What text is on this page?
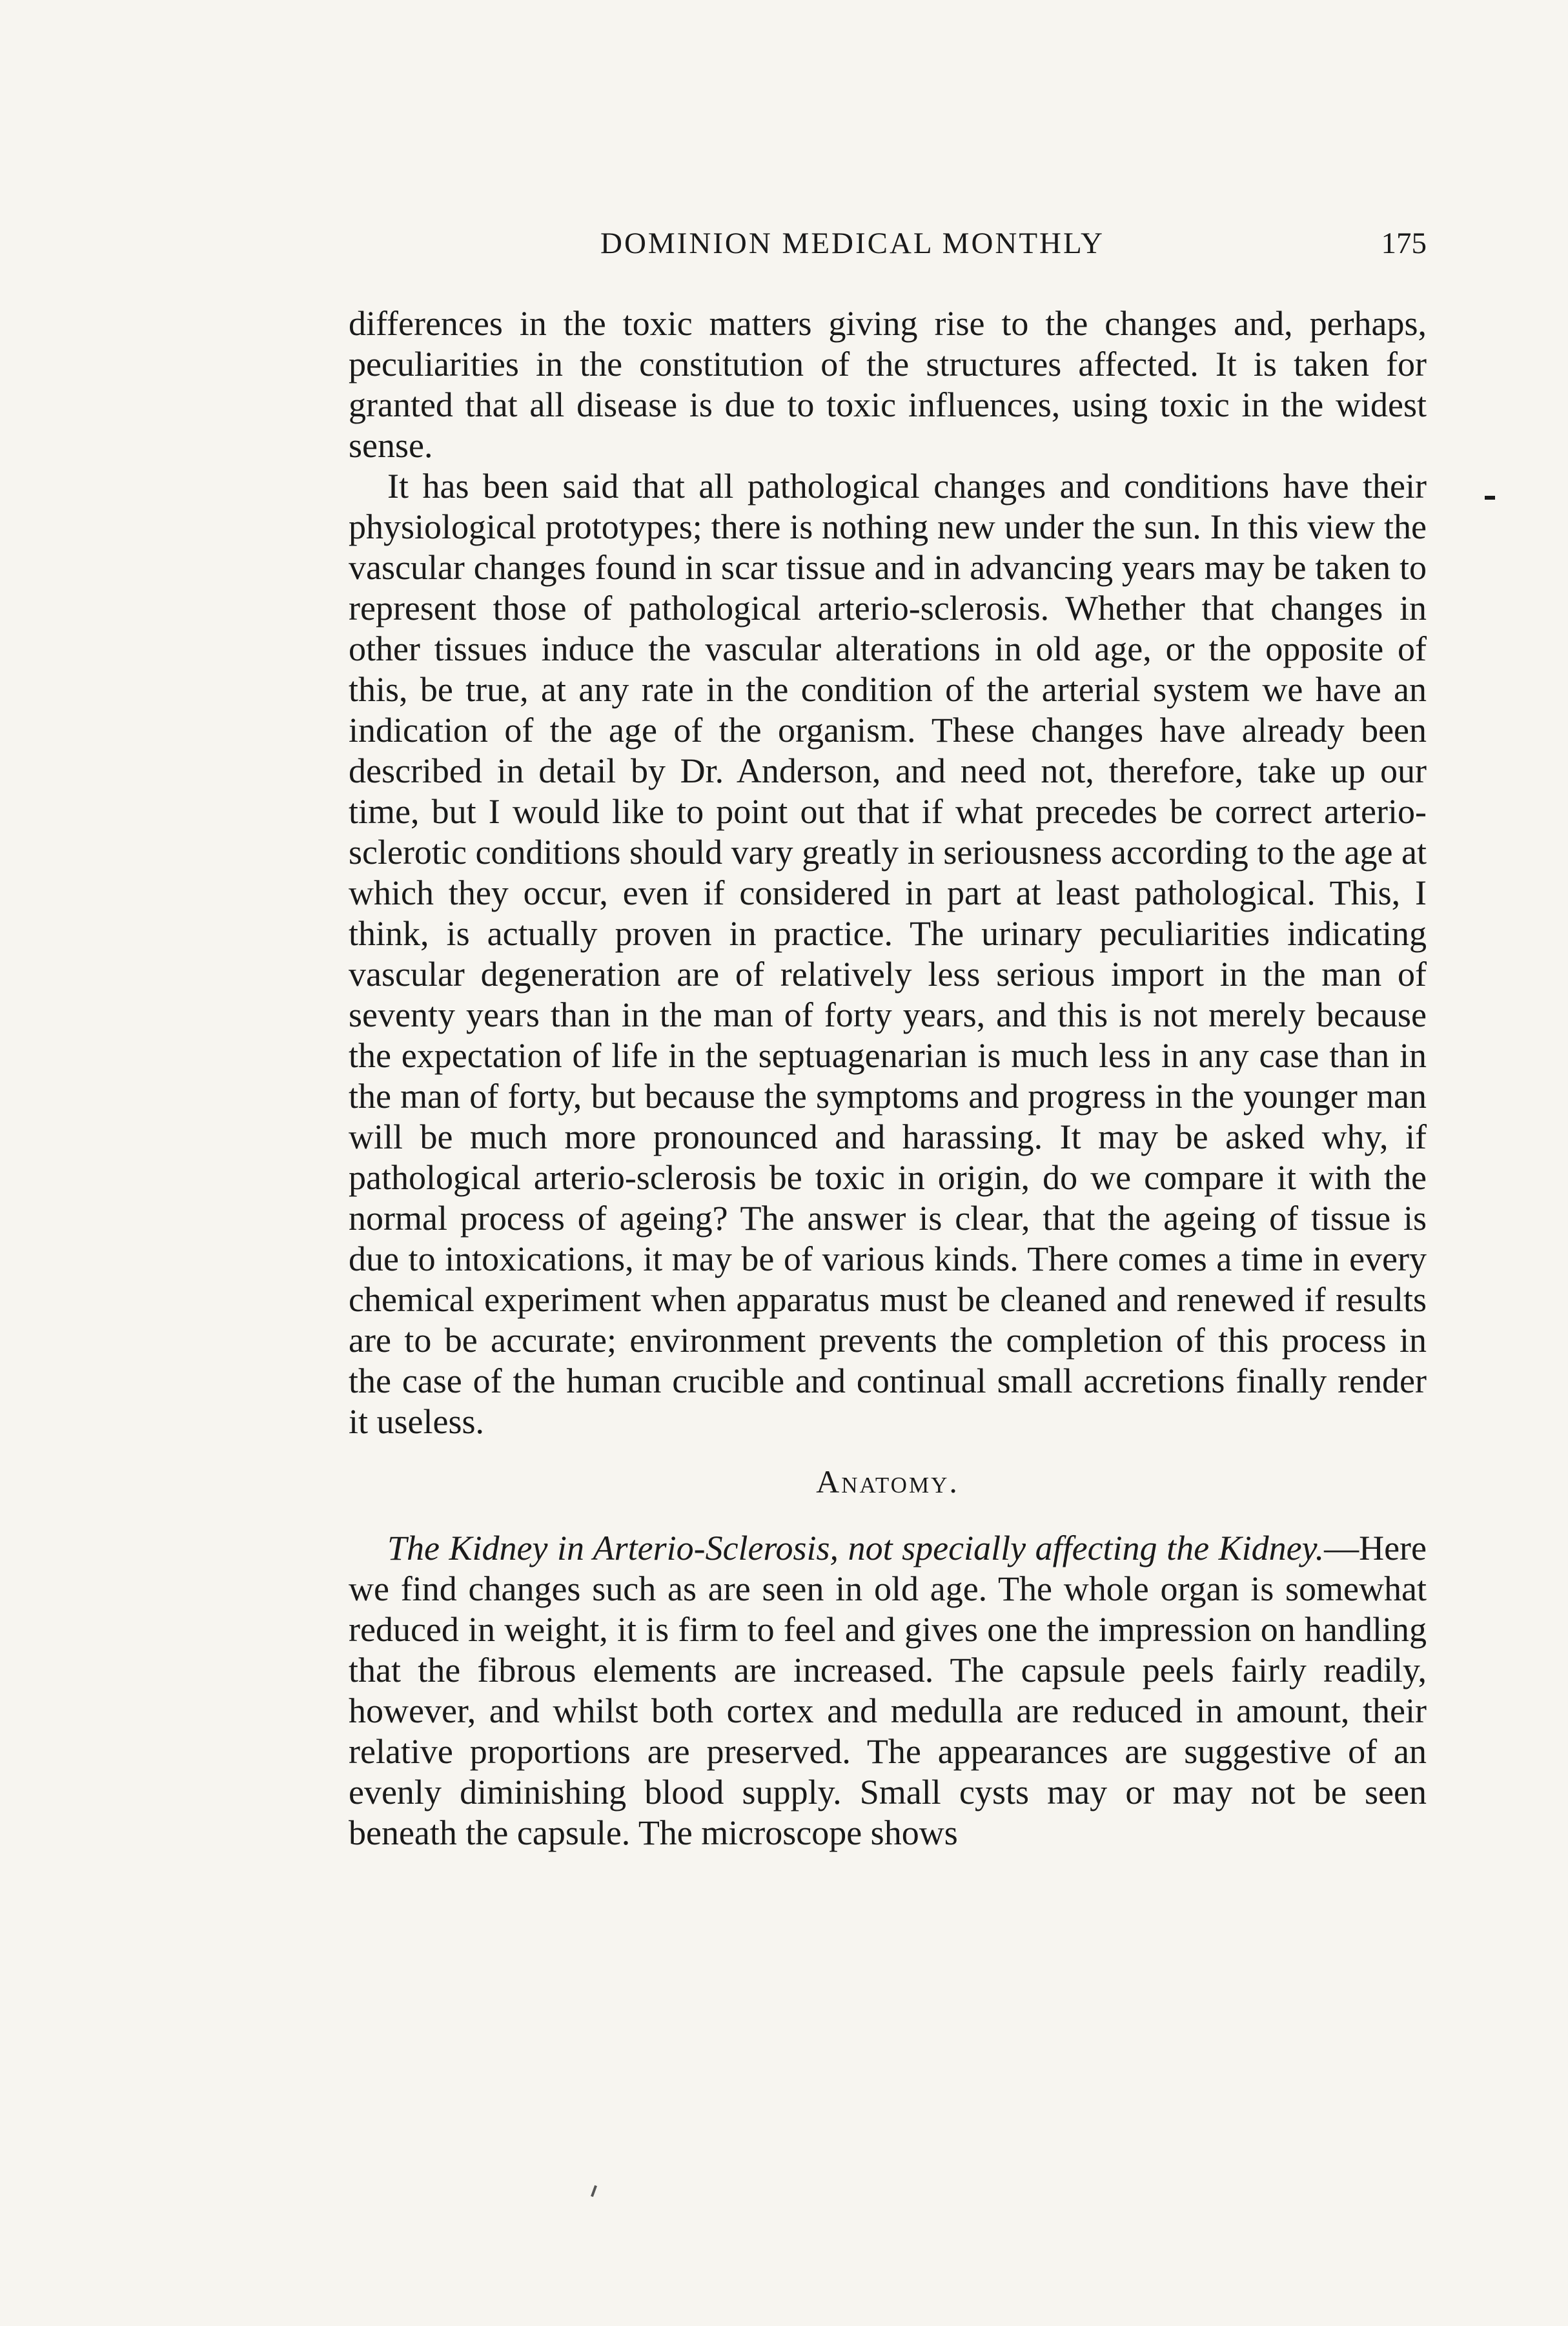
DOMINION MEDICAL MONTHLY	175

differences in the toxic matters giving rise to the changes and, perhaps, peculiarities in the constitution of the structures affected. It is taken for granted that all disease is due to toxic influences, using toxic in the widest sense.

It has been said that all pathological changes and conditions have their physiological prototypes; there is nothing new under the sun. In this view the vascular changes found in scar tissue and in advancing years may be taken to represent those of pathological arterio-sclerosis. Whether that changes in other tissues induce the vascular alterations in old age, or the opposite of this, be true, at any rate in the condition of the arterial system we have an indication of the age of the organism. These changes have already been described in detail by Dr. Anderson, and need not, therefore, take up our time, but I would like to point out that if what precedes be correct arterio-sclerotic conditions should vary greatly in seriousness according to the age at which they occur, even if considered in part at least pathological. This, I think, is actually proven in practice. The urinary peculiarities indicating vascular degeneration are of relatively less serious import in the man of seventy years than in the man of forty years, and this is not merely because the expectation of life in the septuagenarian is much less in any case than in the man of forty, but because the symptoms and progress in the younger man will be much more pronounced and harassing. It may be asked why, if pathological arterio-sclerosis be toxic in origin, do we compare it with the normal process of ageing? The answer is clear, that the ageing of tissue is due to intoxications, it may be of various kinds. There comes a time in every chemical experiment when apparatus must be cleaned and renewed if results are to be accurate; environment prevents the completion of this process in the case of the human crucible and continual small accretions finally render it useless.

Anatomy.

The Kidney in Arterio-Sclerosis, not specially affecting the Kidney.—Here we find changes such as are seen in old age. The whole organ is somewhat reduced in weight, it is firm to feel and gives one the impression on handling that the fibrous elements are increased. The capsule peels fairly readily, however, and whilst both cortex and medulla are reduced in amount, their relative proportions are preserved. The appearances are suggestive of an evenly diminishing blood supply. Small cysts may or may not be seen beneath the capsule. The microscope shows
